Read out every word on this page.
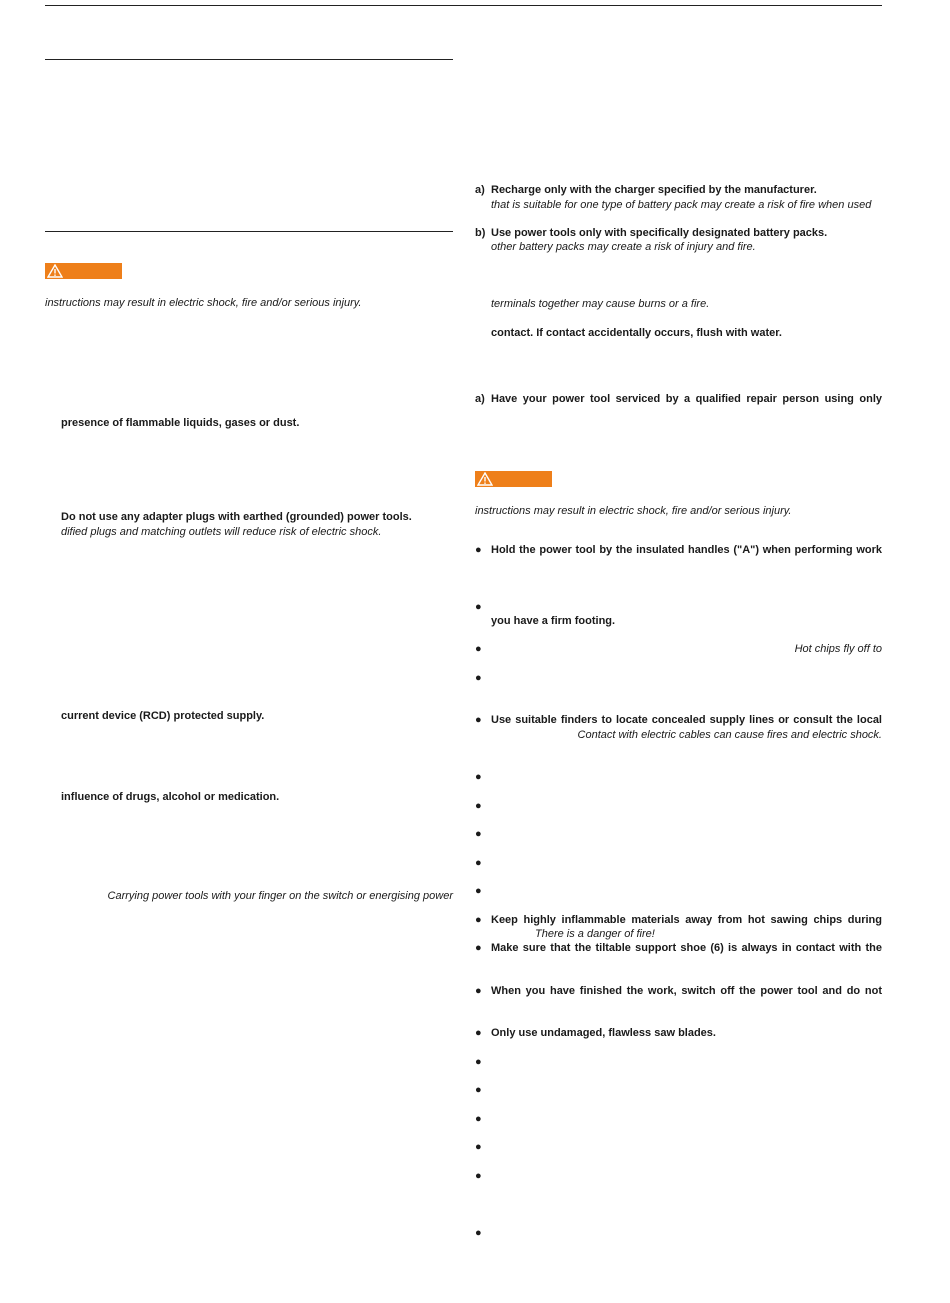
instructions may result in electric shock, fire and/or serious injury.
presence of flammable liquids, gases or dust.
Do not use any adapter plugs with earthed (grounded) power tools.
dified plugs and matching outlets will reduce risk of electric shock.
current device (RCD) protected supply.
influence of drugs, alcohol or medication.
Carrying power tools with your finger on the switch or energising power
a) Recharge only with the charger specified by the manufacturer.
that is suitable for one type of battery pack may create a risk of fire when used
b) Use power tools only with specifically designated battery packs.
other battery packs may create a risk of injury and fire.
terminals together may cause burns or a fire.
contact. If contact accidentally occurs, flush with water.
a) Have your power tool serviced by a qualified repair person using only
instructions may result in electric shock, fire and/or serious injury.
● Hold the power tool by the insulated handles ("A") when performing work
●
you have a firm footing.
●	Hot chips fly off to
●
● Use suitable finders to locate concealed supply lines or consult the local
Contact with electric cables can cause fires and electric shock.
●
●
●
●
●
● Keep highly inflammable materials away from hot sawing chips during
There is a danger of fire!
● Make sure that the tiltable support shoe (6) is always in contact with the
● When you have finished the work, switch off the power tool and do not
● Only use undamaged, flawless saw blades.
●
●
●
●
●
●
